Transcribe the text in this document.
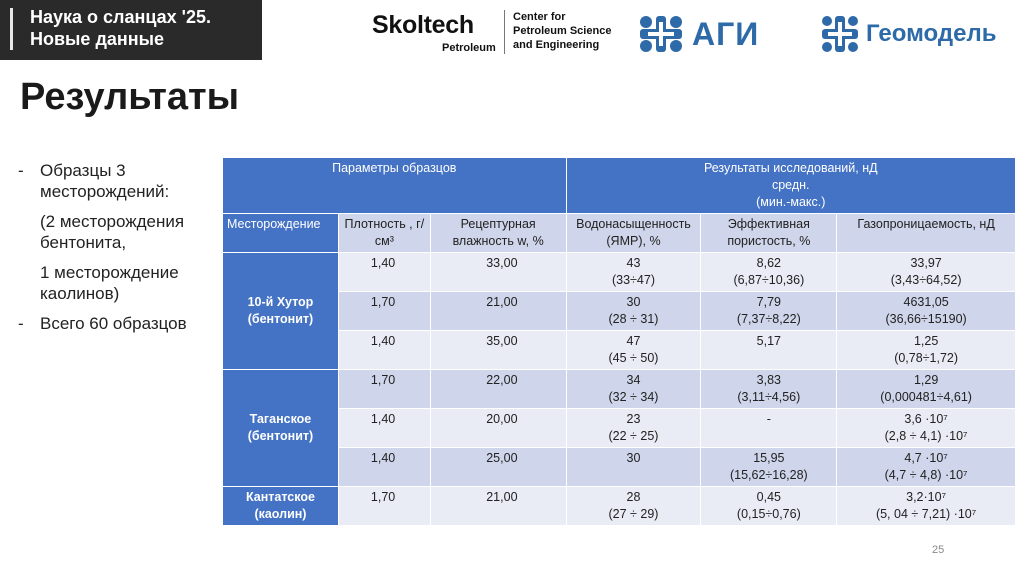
Наука о сланцах '25.
Новые данные	Skoltech
Petroleum
Center for
Petroleum Science
and Engineering	АГИ	Геомодель
Результаты
- Образцы 3 месторождений:
(2 месторождения бентонита,
1 месторождение каолинов)
- Всего 60 образцов
Параметры образцов			Результаты исследований, нД
средн.
(мин.-макс.)		
Месторождение	Плотность , г/см³	Рецептурная влажность w, %	Водонасыщенность (ЯМР), %	Эффективная пористость, %	Газопроницаемость, нД
10-й Хутор
(бентонит)	1,40	33,00	43
(33÷47)	8,62
(6,87÷10,36)	33,97
(3,43÷64,52)
	1,70	21,00	30
(28 ÷ 31)	7,79
(7,37÷8,22)	4631,05
(36,66÷15190)
	1,40	35,00	47
(45 ÷ 50)	5,17	1,25
(0,78÷1,72)
Таганское
(бентонит)	1,70	22,00	34
(32 ÷ 34)	3,83
(3,11÷4,56)	1,29
(0,000481÷4,61)
	1,40	20,00	23
(22 ÷ 25)	-	3,6 ·10⁷
(2,8 ÷ 4,1) ·10⁷
	1,40	25,00	30	15,95
(15,62÷16,28)	4,7 ·10⁷
(4,7 ÷ 4,8) ·10⁷
Кантатское
(каолин)	1,70	21,00	28
(27 ÷ 29)	0,45
(0,15÷0,76)	3,2·10⁷
(5, 04 ÷ 7,21) ·10⁷
25
